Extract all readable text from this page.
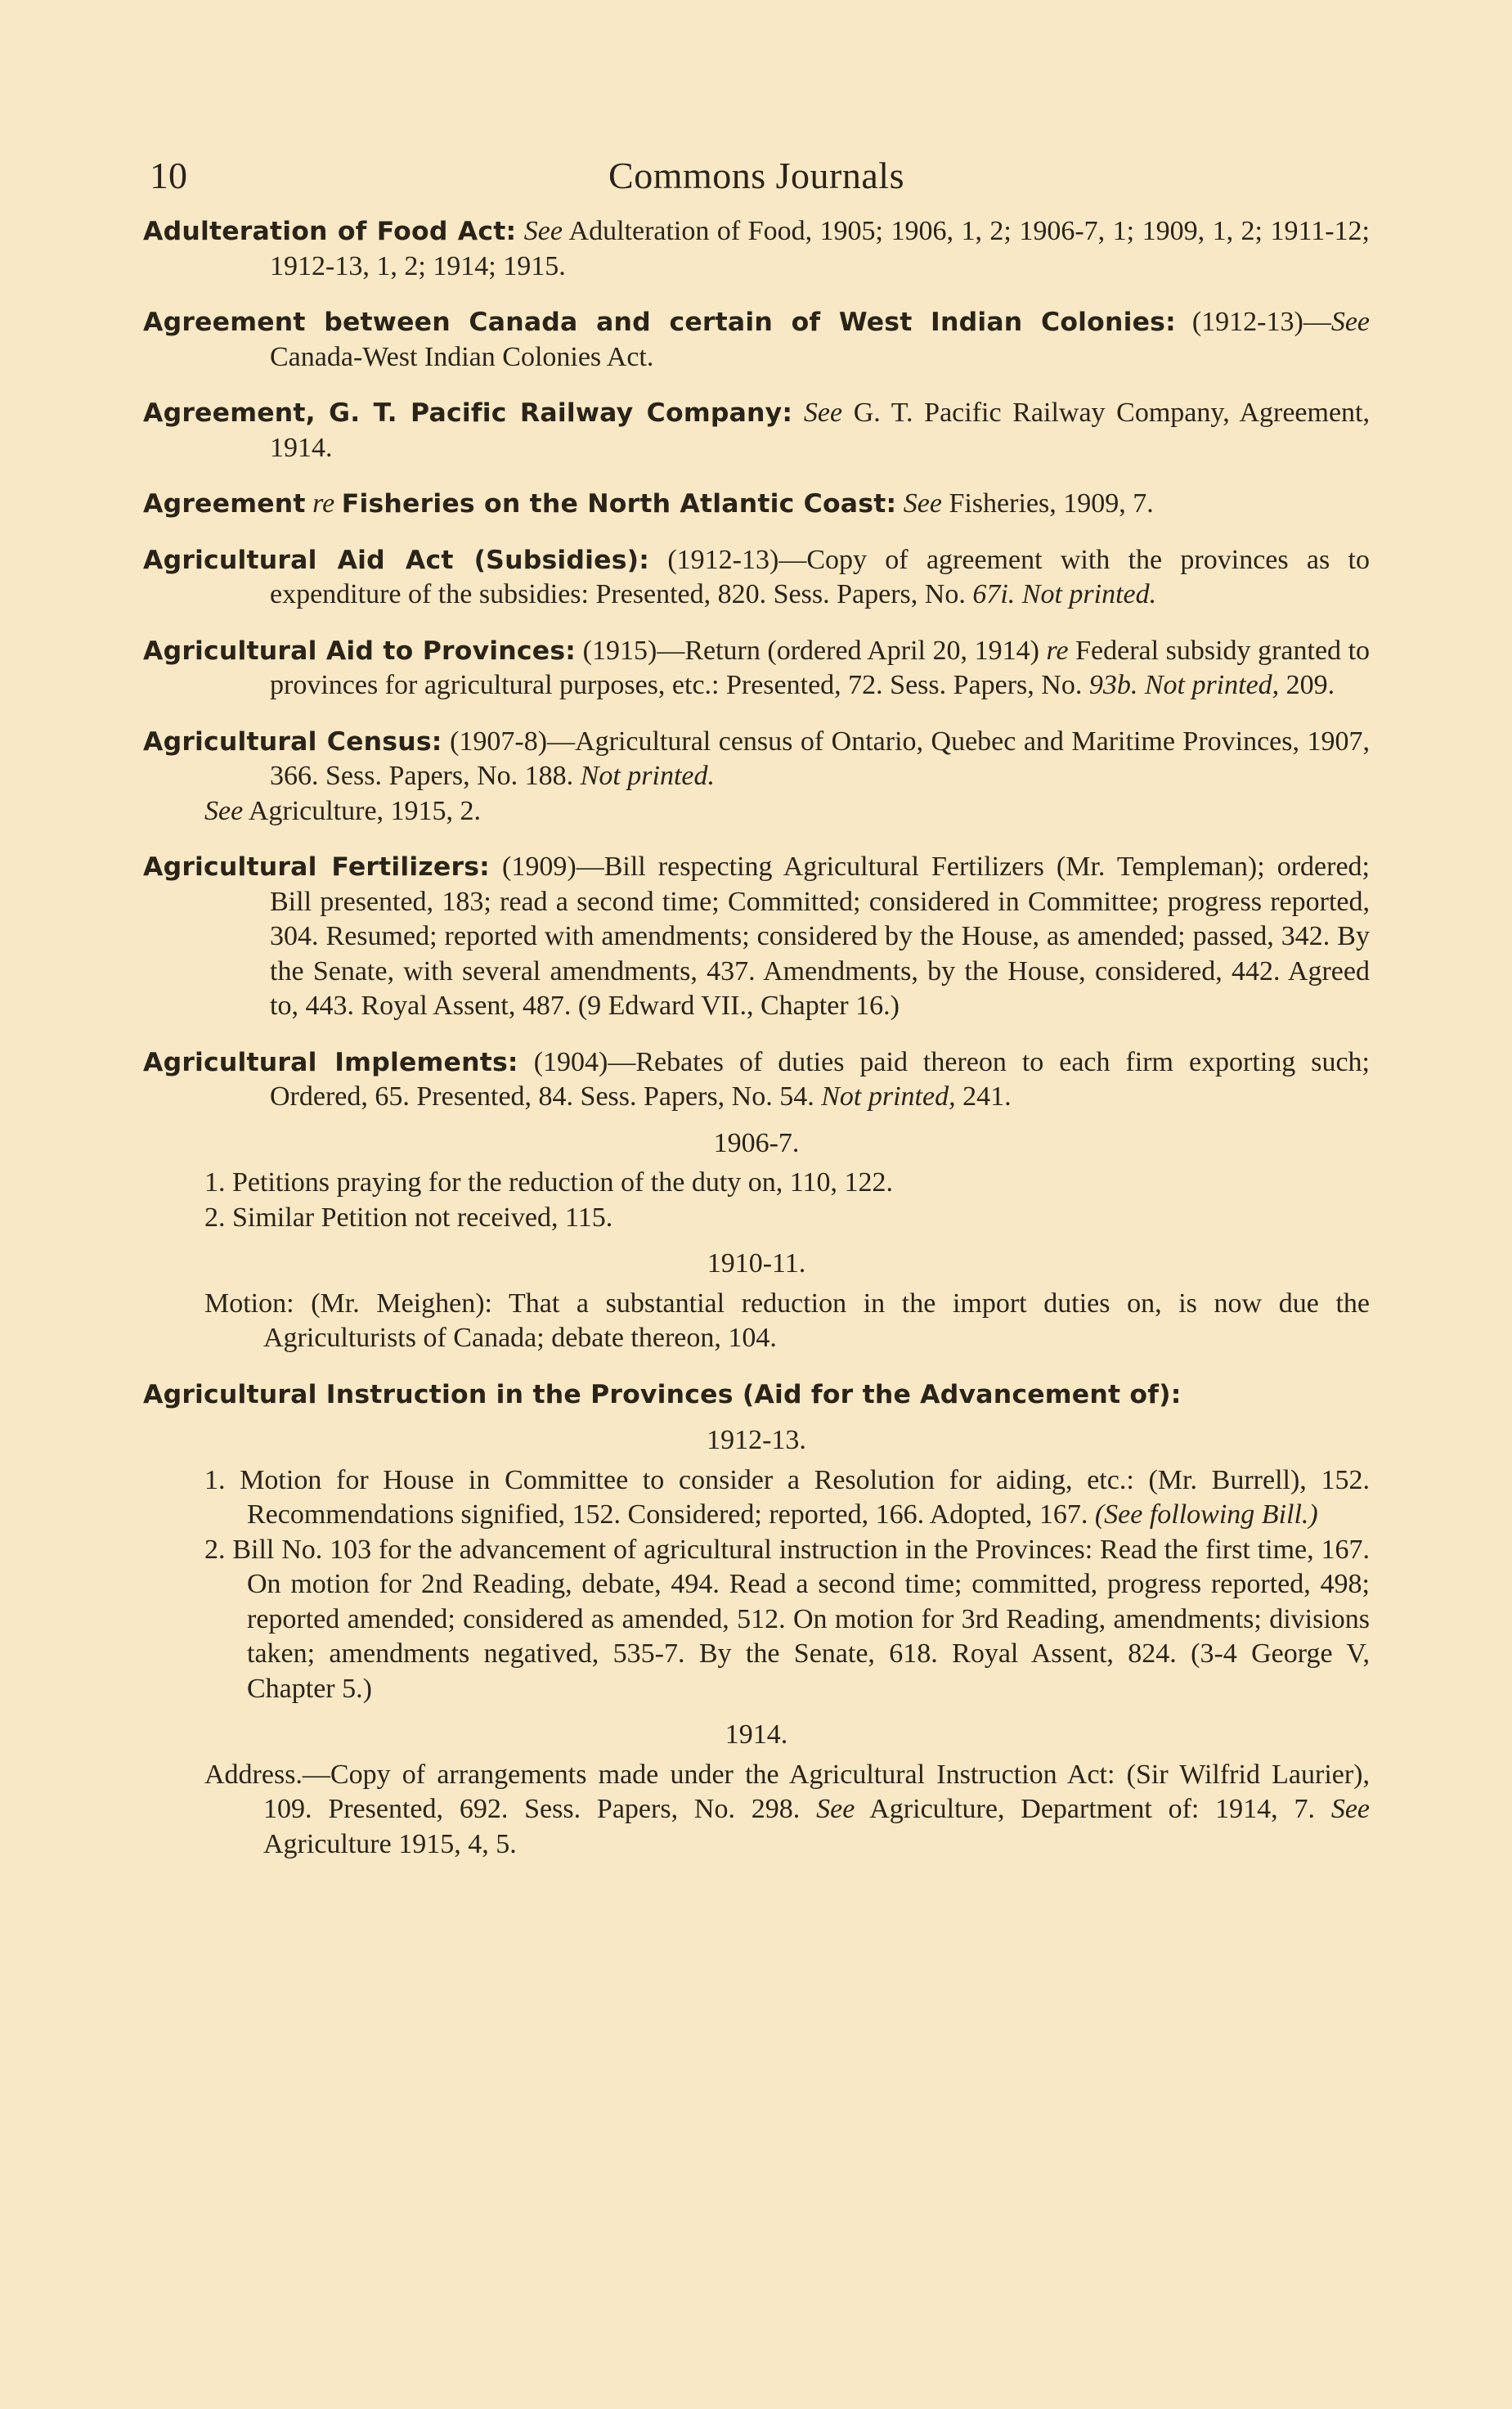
10	Commons Journals
Adulteration of Food Act: See Adulteration of Food, 1905; 1906, 1, 2; 1906-7, 1; 1909, 1, 2; 1911-12; 1912-13, 1, 2; 1914; 1915.
Agreement between Canada and certain of West Indian Colonies: (1912-13)—See Canada-West Indian Colonies Act.
Agreement, G. T. Pacific Railway Company: See G. T. Pacific Railway Company, Agreement, 1914.
Agreement re Fisheries on the North Atlantic Coast: See Fisheries, 1909, 7.
Agricultural Aid Act (Subsidies): (1912-13)—Copy of agreement with the provinces as to expenditure of the subsidies: Presented, 820. Sess. Papers, No. 67i. Not printed.
Agricultural Aid to Provinces: (1915)—Return (ordered April 20, 1914) re Federal subsidy granted to provinces for agricultural purposes, etc.: Presented, 72. Sess. Papers, No. 93b. Not printed, 209.
Agricultural Census: (1907-8)—Agricultural census of Ontario, Quebec and Maritime Provinces, 1907, 366. Sess. Papers, No. 188. Not printed.
See Agriculture, 1915, 2.
Agricultural Fertilizers: (1909)—Bill respecting Agricultural Fertilizers (Mr. Templeman); ordered; Bill presented, 183; read a second time; Committed; considered in Committee; progress reported, 304. Resumed; reported with amendments; considered by the House, as amended; passed, 342. By the Senate, with several amendments, 437. Amendments, by the House, considered, 442. Agreed to, 443. Royal Assent, 487. (9 Edward VII., Chapter 16.)
Agricultural Implements: (1904)—Rebates of duties paid thereon to each firm exporting such; Ordered, 65. Presented, 84. Sess. Papers, No. 54. Not printed, 241.
1906-7.
1. Petitions praying for the reduction of the duty on, 110, 122.
2. Similar Petition not received, 115.
1910-11.
Motion: (Mr. Meighen): That a substantial reduction in the import duties on, is now due the Agriculturists of Canada; debate thereon, 104.
Agricultural Instruction in the Provinces (Aid for the Advancement of):
1912-13.
1. Motion for House in Committee to consider a Resolution for aiding, etc.: (Mr. Burrell), 152. Recommendations signified, 152. Considered; reported, 166. Adopted, 167. (See following Bill.)
2. Bill No. 103 for the advancement of agricultural instruction in the Provinces: Read the first time, 167. On motion for 2nd Reading, debate, 494. Read a second time; committed, progress reported, 498; reported amended; considered as amended, 512. On motion for 3rd Reading, amendments; divisions taken; amendments negatived, 535-7. By the Senate, 618. Royal Assent, 824. (3-4 George V, Chapter 5.)
1914.
Address.—Copy of arrangements made under the Agricultural Instruction Act: (Sir Wilfrid Laurier), 109. Presented, 692. Sess. Papers, No. 298. See Agriculture, Department of: 1914, 7. See Agriculture 1915, 4, 5.
